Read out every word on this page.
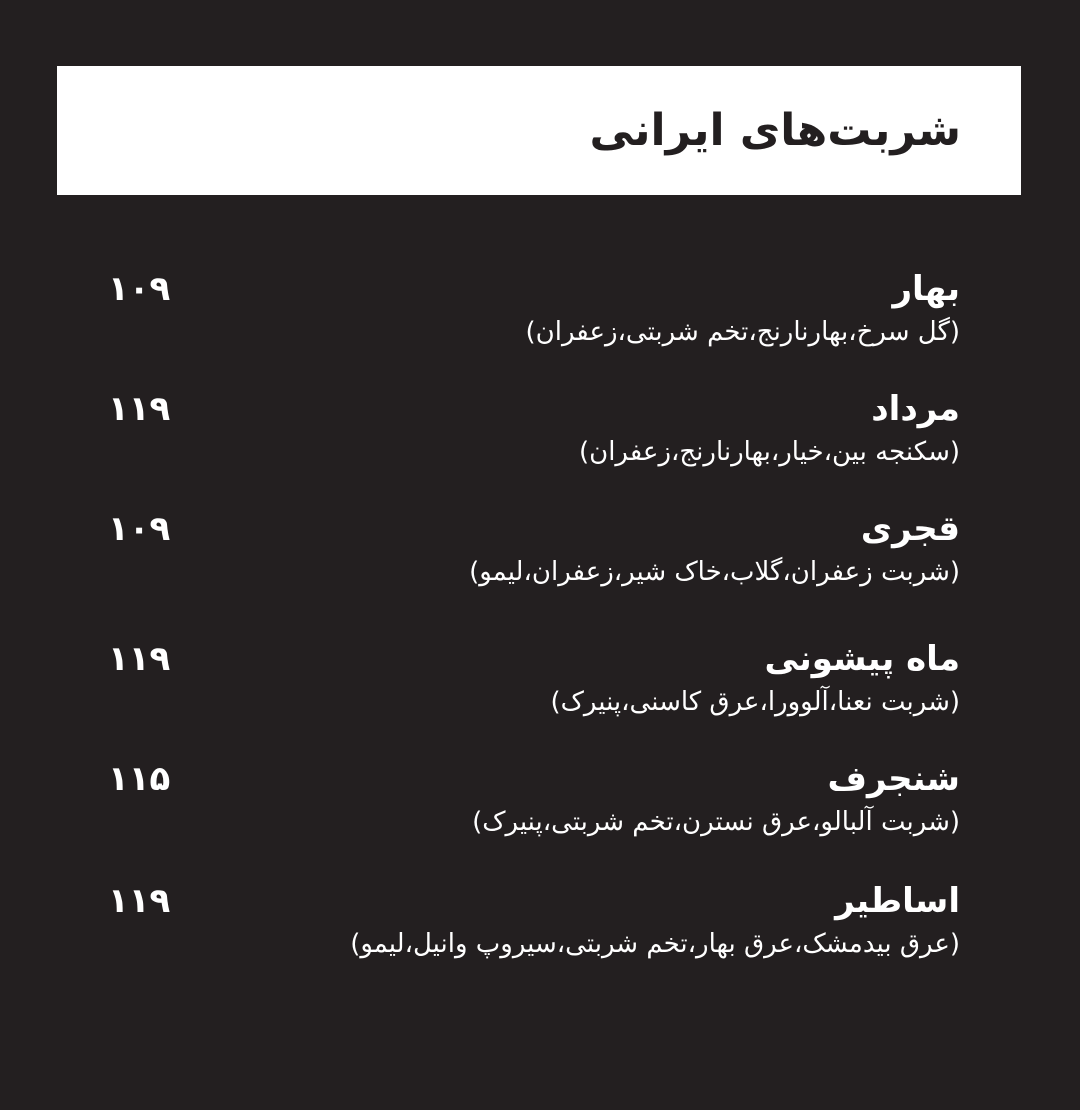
شربت‌های ایرانی
بهار
(گل سرخ،بهارنارنج،تخم شربتی،زعفران)
۱۰۹
مرداد
(سکنجه بین،خیار،بهارنارنج،زعفران)
۱۱۹
قجری
(شربت زعفران،گلاب،خاک شیر،زعفران،لیمو)
۱۰۹
ماه پیشونی
(شربت نعنا،آلوورا،عرق کاسنی،پنیرک)
۱۱۹
شنجرف
(شربت آلبالو،عرق نسترن،تخم شربتی،پنیرک)
۱۱۵
اساطیر
(عرق بیدمشک،عرق بهار،تخم شربتی،سیروپ وانیل،لیمو)
۱۱۹
